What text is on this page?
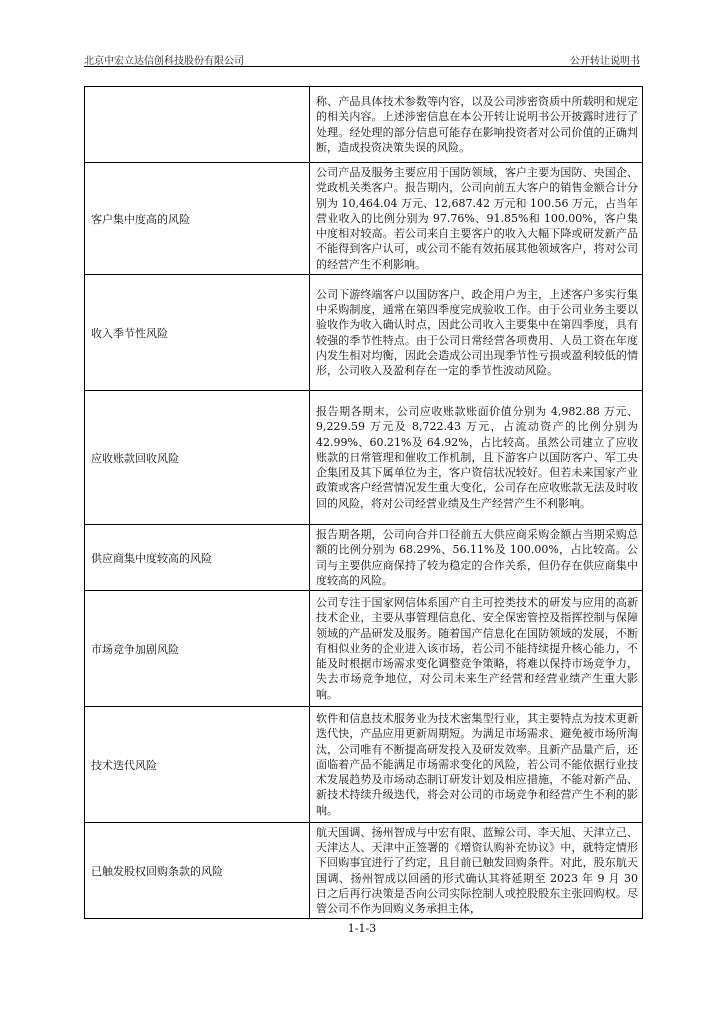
北京中宏立达信创科技股份有限公司	公开转让说明书
	称、产品具体技术参数等内容，以及公司涉密资质中所载明和规定的相关内容。上述涉密信息在本公开转让说明书公开披露时进行了处理。经处理的部分信息可能存在影响投资者对公司价值的正确判断，造成投资决策失误的风险。
客户集中度高的风险	公司产品及服务主要应用于国防领域，客户主要为国防、央国企、党政机关类客户。报告期内，公司向前五大客户的销售金额合计分别为 10,464.04 万元、12,687.42 万元和 100.56 万元，占当年营业收入的比例分别为 97.76%、91.85%和 100.00%，客户集中度相对较高。若公司来自主要客户的收入大幅下降或研发新产品不能得到客户认可，或公司不能有效拓展其他领域客户，将对公司的经营产生不利影响。
收入季节性风险	公司下游终端客户以国防客户、政企用户为主，上述客户多实行集中采购制度，通常在第四季度完成验收工作。由于公司业务主要以验收作为收入确认时点，因此公司收入主要集中在第四季度，具有较强的季节性特点。由于公司日常经营各项费用、人员工资在年度内发生相对均衡，因此会造成公司出现季节性亏损或盈利较低的情形，公司收入及盈利存在一定的季节性波动风险。
应收账款回收风险	报告期各期末，公司应收账款账面价值分别为 4,982.88 万元、9,229.59 万元及 8,722.43 万元，占流动资产的比例分别为 42.99%、60.21%及 64.92%，占比较高。虽然公司建立了应收账款的日常管理和催收工作机制，且下游客户以国防客户、军工央企集团及其下属单位为主，客户资信状况较好。但若未来国家产业政策或客户经营情况发生重大变化，公司存在应收账款无法及时收回的风险，将对公司经营业绩及生产经营产生不利影响。
供应商集中度较高的风险	报告期各期，公司向合并口径前五大供应商采购金额占当期采购总额的比例分别为 68.29%、56.11%及 100.00%，占比较高。公司与主要供应商保持了较为稳定的合作关系，但仍存在供应商集中度较高的风险。
市场竞争加剧风险	公司专注于国家网信体系国产自主可控类技术的研发与应用的高新技术企业，主要从事管理信息化、安全保密管控及指挥控制与保障领域的产品研发及服务。随着国产信息化在国防领域的发展，不断有相似业务的企业进入该市场，若公司不能持续提升核心能力，不能及时根据市场需求变化调整竞争策略，将难以保持市场竞争力，失去市场竞争地位，对公司未来生产经营和经营业绩产生重大影响。
技术迭代风险	软件和信息技术服务业为技术密集型行业，其主要特点为技术更新迭代快，产品应用更新周期短。为满足市场需求、避免被市场所淘汰，公司唯有不断提高研发投入及研发效率。且新产品量产后，还面临着产品不能满足市场需求变化的风险，若公司不能依据行业技术发展趋势及市场动态制订研发计划及相应措施，不能对新产品、新技术持续升级迭代，将会对公司的市场竞争和经营产生不利的影响。
已触发股权回购条款的风险	航天国调、扬州智成与中宏有限、蓝鲸公司、李天旭、天津立己、天津达人、天津中正签署的《增资认购补充协议》中，就特定情形下回购事宜进行了约定，且目前已触发回购条件。对此，股东航天国调、扬州智成以回函的形式确认其将延期至 2023 年 9 月 30 日之后再行决策是否向公司实际控制人或控股股东主张回购权。尽管公司不作为回购义务承担主体，
1-1-3
